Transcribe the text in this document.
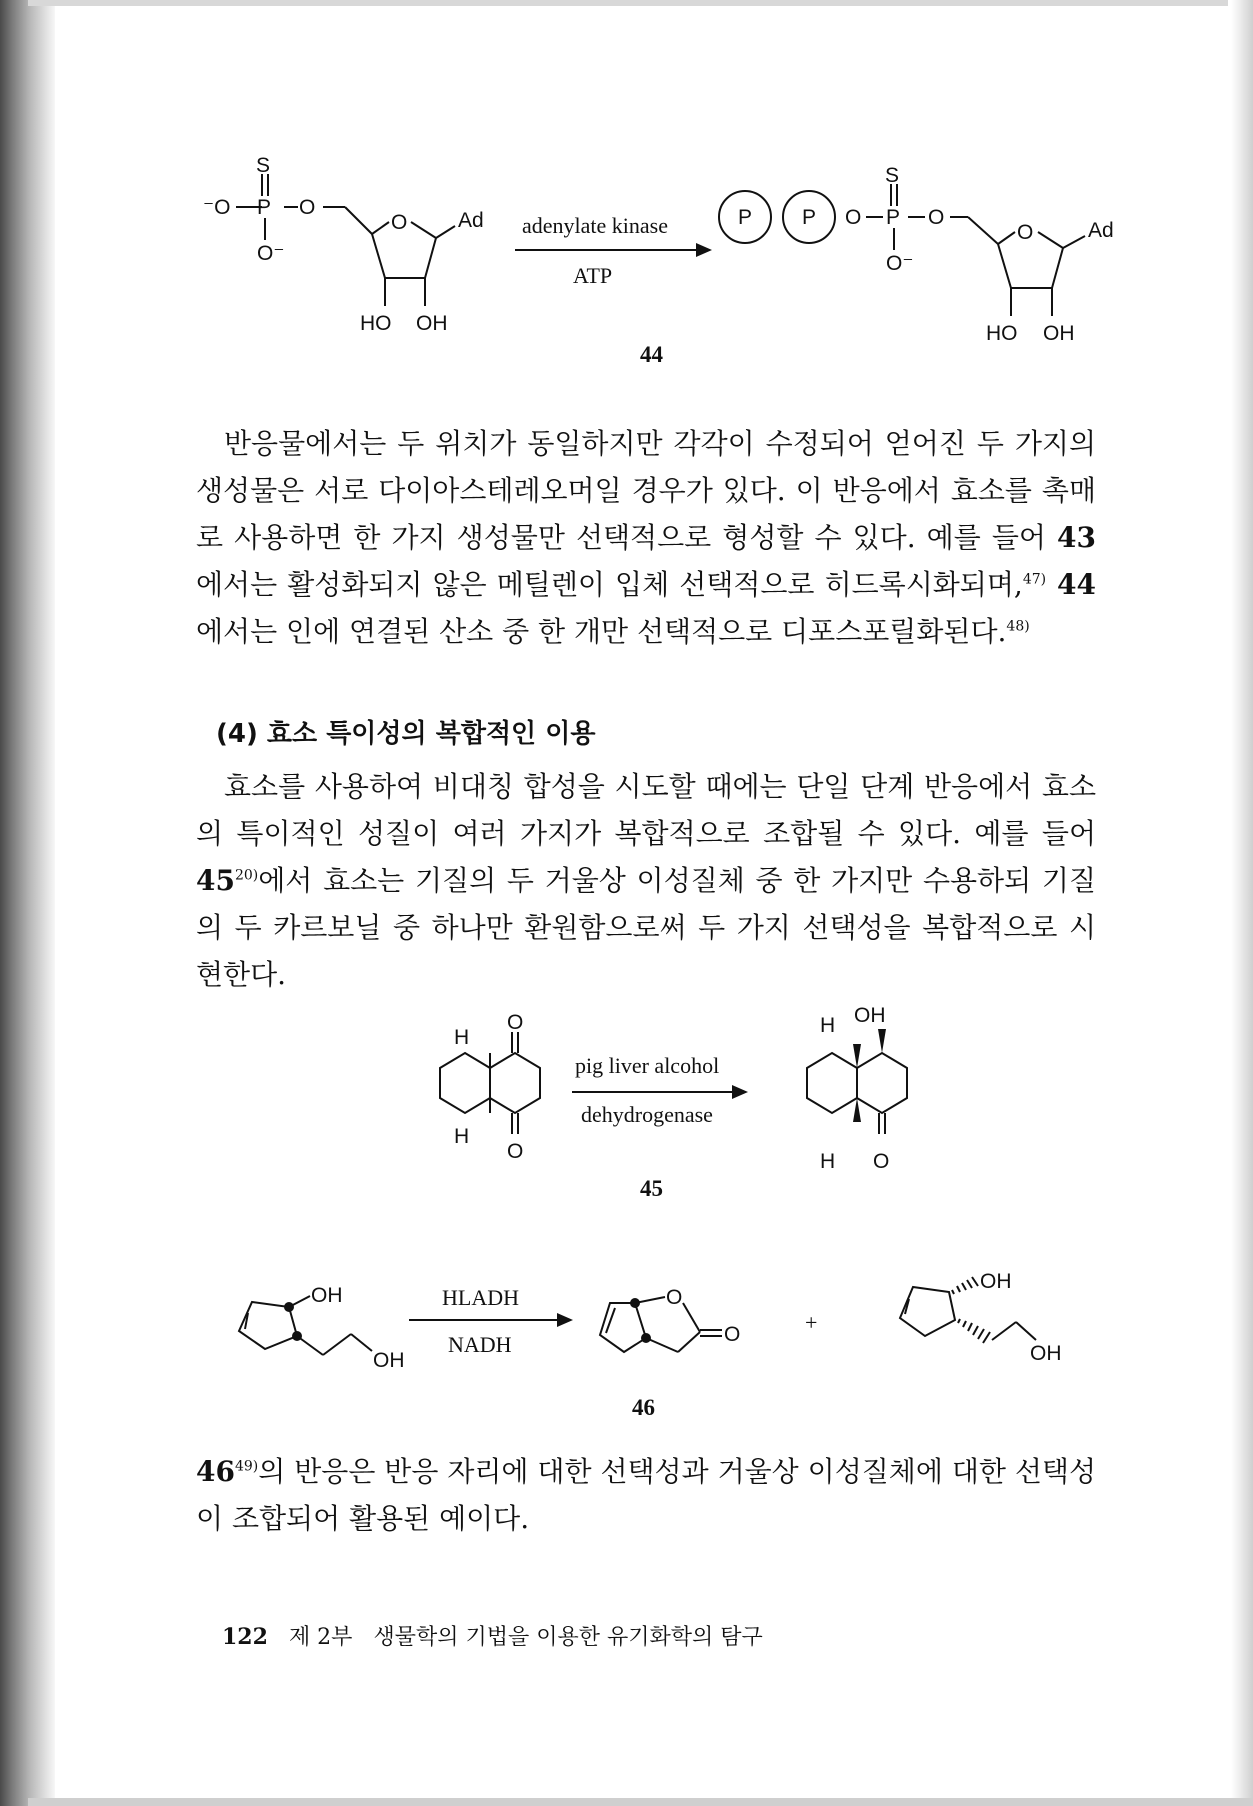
S
⁻O P O
O⁻
O Ad
HO OH
adenylate kinase
ATP
P P O
S
P O
O⁻
O	Ad
HO OH
44

반응물에서는 두 위치가 동일하지만 각각이 수정되어 얻어진 두 가지의 생성물은 서로 다이아스테레오머일 경우가 있다. 이 반응에서 효소를 촉매로 사용하면 한 가지 생성물만 선택적으로 형성할 수 있다. 예를 들어 43에서는 활성화되지 않은 메틸렌이 입체 선택적으로 히드록시화되며,$^{47)}$ 44에서는 인에 연결된 산소 중 한 개만 선택적으로 디포스포릴화된다.$^{48)}$

(4) 효소 특이성의 복합적인 이용

효소를 사용하여 비대칭 합성을 시도할 때에는 단일 단계 반응에서 효소의 특이적인 성질이 여러 가지가 복합적으로 조합될 수 있다. 예를 들어 45$^{20)}$에서 효소는 기질의 두 거울상 이성질체 중 한 가지만 수용하되 기질의 두 카르보닐 중 하나만 환원함으로써 두 가지 선택성을 복합적으로 시현한다.

H
O
H
O
pig liver alcohol
dehydrogenase
H OH
H O
45
OH
OH
HLADH
NADH
O
O	+
OH
OH
46

46$^{49)}$의 반응은 반응 자리에 대한 선택성과 거울상 이성질체에 대한 선택성이 조합되어 활용된 예이다.

122 제 2부 생물학의 기법을 이용한 유기화학의 탐구
